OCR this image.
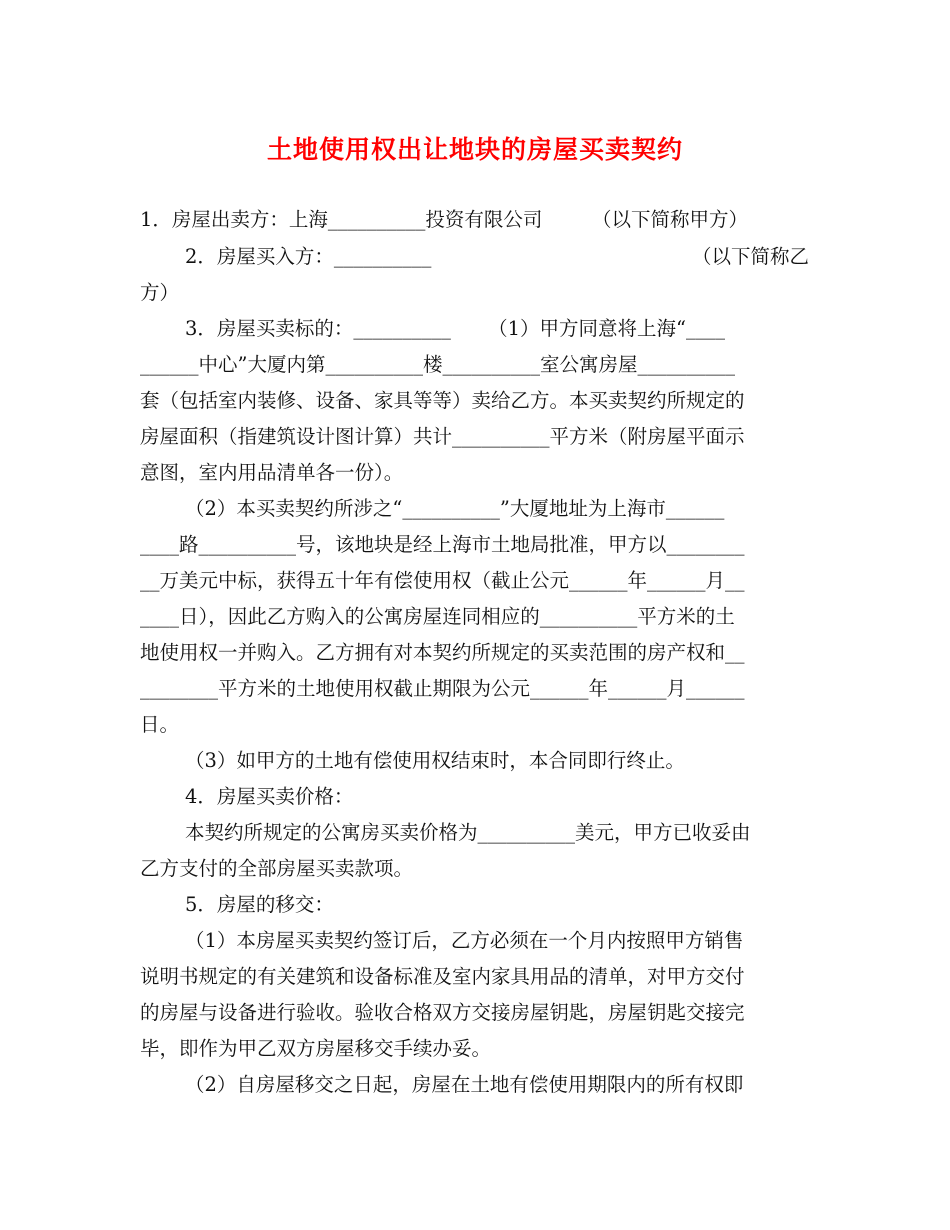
土地使用权出让地块的房屋买卖契约
1．房屋出卖方：上海__________投资有限公司        （以下简称甲方）
2．房屋买入方：__________	（以下简称乙
方）
3．房屋买卖标的：__________      （1）甲方同意将上海“____
______中心”大厦内第__________楼__________室公寓房屋__________
套（包括室内装修、设备、家具等等）卖给乙方。本买卖契约所规定的
房屋面积（指建筑设计图计算）共计__________平方米（附房屋平面示
意图，室内用品清单各一份）。
（2）本买卖契约所涉之“__________”大厦地址为上海市______
____路__________号，该地块是经上海市土地局批准，甲方以________
__万美元中标，获得五十年有偿使用权（截止公元______年______月__
____日），因此乙方购入的公寓房屋连同相应的__________平方米的土
地使用权一并购入。乙方拥有对本契约所规定的买卖范围的房产权和__
________平方米的土地使用权截止期限为公元______年______月______
日。
（3）如甲方的土地有偿使用权结束时，本合同即行终止。
4．房屋买卖价格：
本契约所规定的公寓房买卖价格为__________美元，甲方已收妥由
乙方支付的全部房屋买卖款项。
5．房屋的移交：
（1）本房屋买卖契约签订后，乙方必须在一个月内按照甲方销售
说明书规定的有关建筑和设备标准及室内家具用品的清单，对甲方交付
的房屋与设备进行验收。验收合格双方交接房屋钥匙，房屋钥匙交接完
毕，即作为甲乙双方房屋移交手续办妥。
（2）自房屋移交之日起，房屋在土地有偿使用期限内的所有权即
